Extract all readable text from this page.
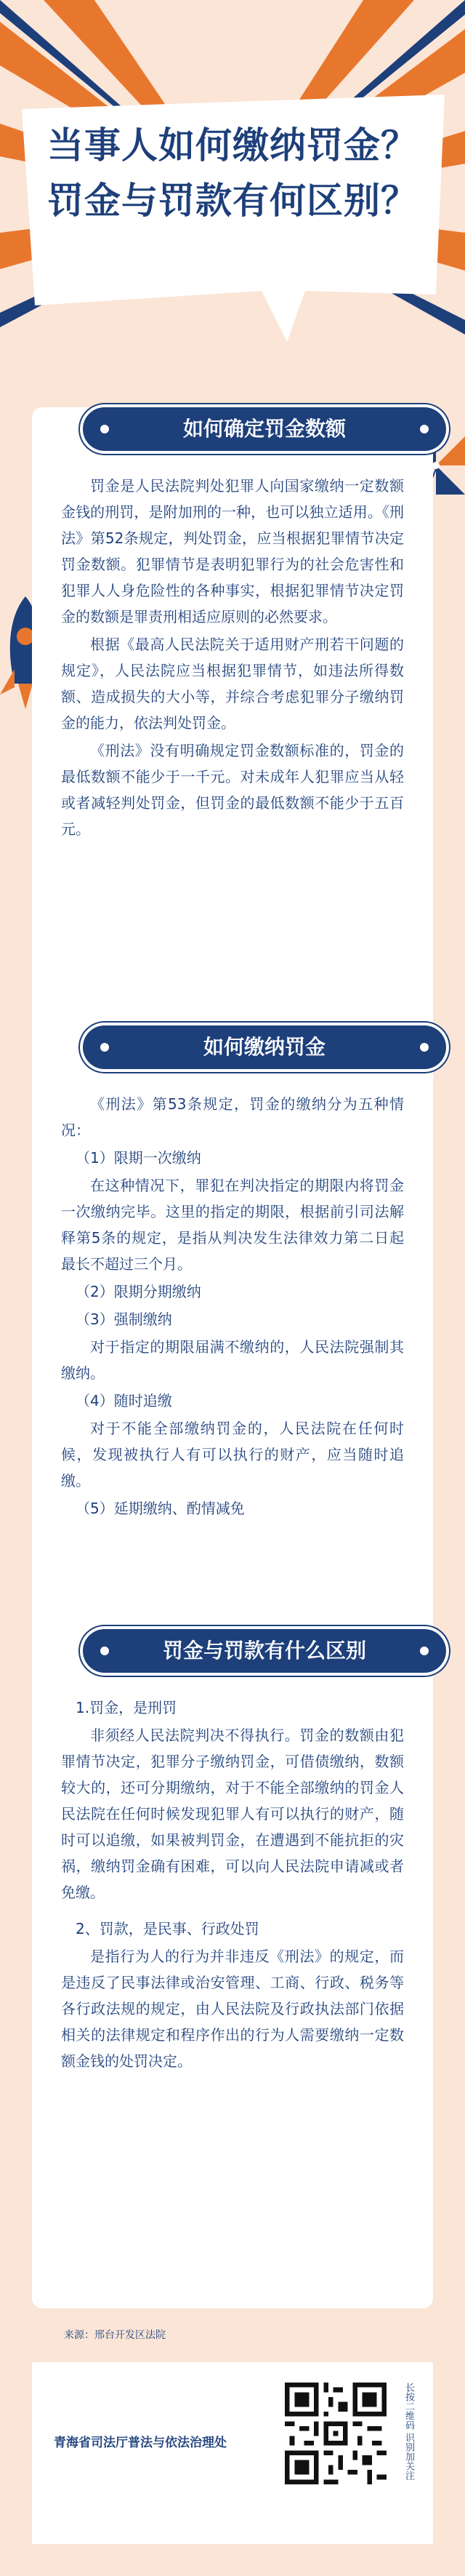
当事人如何缴纳罚金？
罚金与罚款有何区别？
如何确定罚金数额

罚金是人民法院判处犯罪人向国家缴纳一定数额金钱的刑罚，是附加刑的一种，也可以独立适用。《刑法》第52条规定，判处罚金，应当根据犯罪情节决定罚金数额。犯罪情节是表明犯罪行为的社会危害性和犯罪人人身危险性的各种事实，根据犯罪情节决定罚金的数额是罪责刑相适应原则的必然要求。

根据《最高人民法院关于适用财产刑若干问题的规定》，人民法院应当根据犯罪情节，如违法所得数额、造成损失的大小等，并综合考虑犯罪分子缴纳罚金的能力，依法判处罚金。

《刑法》没有明确规定罚金数额标准的，罚金的最低数额不能少于一千元。对未成年人犯罪应当从轻或者减轻判处罚金，但罚金的最低数额不能少于五百元。

如何缴纳罚金

《刑法》第53条规定，罚金的缴纳分为五种情况：

（1）限期一次缴纳

在这种情况下，罪犯在判决指定的期限内将罚金一次缴纳完毕。这里的指定的期限，根据前引司法解释第5条的规定，是指从判决发生法律效力第二日起最长不超过三个月。

（2）限期分期缴纳

（3）强制缴纳

对于指定的期限届满不缴纳的，人民法院强制其缴纳。

（4）随时追缴

对于不能全部缴纳罚金的，人民法院在任何时候，发现被执行人有可以执行的财产，应当随时追缴。

（5）延期缴纳、酌情减免

罚金与罚款有什么区别

1.罚金，是刑罚

非须经人民法院判决不得执行。罚金的数额由犯罪情节决定，犯罪分子缴纳罚金，可借债缴纳，数额较大的，还可分期缴纳，对于不能全部缴纳的罚金人民法院在任何时候发现犯罪人有可以执行的财产，随时可以追缴，如果被判罚金，在遭遇到不能抗拒的灾祸，缴纳罚金确有困难，可以向人民法院申请减或者免缴。

2、罚款，是民事、行政处罚

是指行为人的行为并非违反《刑法》的规定，而是违反了民事法律或治安管理、工商、行政、税务等各行政法规的规定，由人民法院及行政执法部门依据相关的法律规定和程序作出的行为人需要缴纳一定数额金钱的处罚决定。

来源：邢台开发区法院
青海省司法厅普法与依法治理处	长按二维码 识别加关注
